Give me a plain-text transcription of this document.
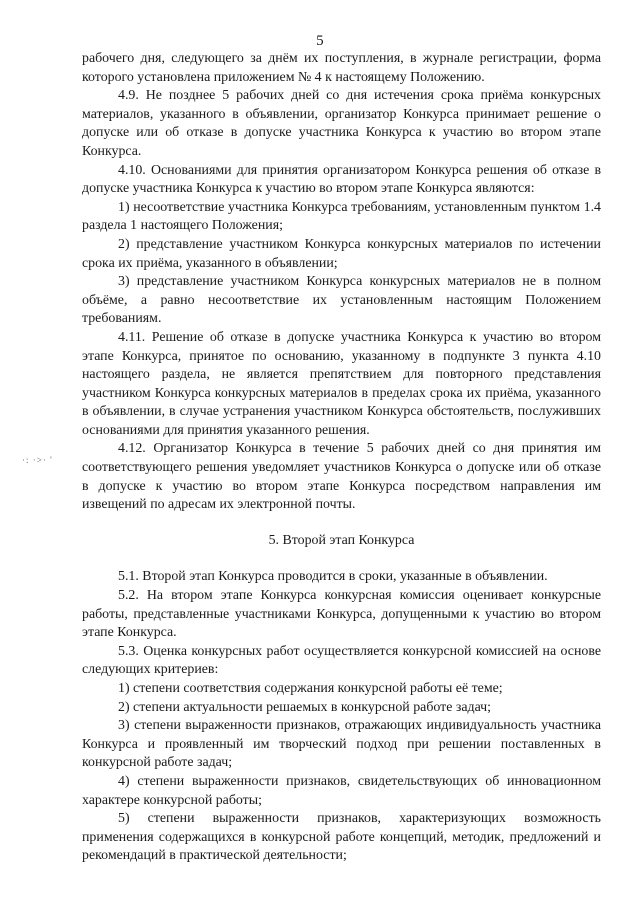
5
·: ·>· '

рабочего дня, следующего за днём их поступления, в журнале регистрации, форма которого установлена приложением № 4 к настоящему Положению.

4.9. Не позднее 5 рабочих дней со дня истечения срока приёма конкурсных материалов, указанного в объявлении, организатор Конкурса принимает решение о допуске или об отказе в допуске участника Конкурса к участию во втором этапе Конкурса.

4.10. Основаниями для принятия организатором Конкурса решения об отказе в допуске участника Конкурса к участию во втором этапе Конкурса являются:

1) несоответствие участника Конкурса требованиям, установленным пунктом 1.4 раздела 1 настоящего Положения;

2) представление участником Конкурса конкурсных материалов по истечении срока их приёма, указанного в объявлении;

3) представление участником Конкурса конкурсных материалов не в полном объёме, а равно несоответствие их установленным настоящим Положением требованиям.

4.11. Решение об отказе в допуске участника Конкурса к участию во втором этапе Конкурса, принятое по основанию, указанному в подпункте 3 пункта 4.10 настоящего раздела, не является препятствием для повторного представления участником Конкурса конкурсных материалов в пределах срока их приёма, указанного в объявлении, в случае устранения участником Конкурса обстоятельств, послуживших основаниями для принятия указанного решения.

4.12. Организатор Конкурса в течение 5 рабочих дней со дня принятия им соответствующего решения уведомляет участников Конкурса о допуске или об отказе в допуске к участию во втором этапе Конкурса посредством направления им извещений по адресам их электронной почты.

5. Второй этап Конкурса

5.1. Второй этап Конкурса проводится в сроки, указанные в объявлении.

5.2. На втором этапе Конкурса конкурсная комиссия оценивает конкурсные работы, представленные участниками Конкурса, допущенными к участию во втором этапе Конкурса.

5.3. Оценка конкурсных работ осуществляется конкурсной комиссией на основе следующих критериев:

1) степени соответствия содержания конкурсной работы её теме;

2) степени актуальности решаемых в конкурсной работе задач;

3) степени выраженности признаков, отражающих индивидуальность участника Конкурса и проявленный им творческий подход при решении поставленных в конкурсной работе задач;

4) степени выраженности признаков, свидетельствующих об инновационном характере конкурсной работы;

5) степени выраженности признаков, характеризующих возможность применения содержащихся в конкурсной работе концепций, методик, предложений и рекомендаций в практической деятельности;
